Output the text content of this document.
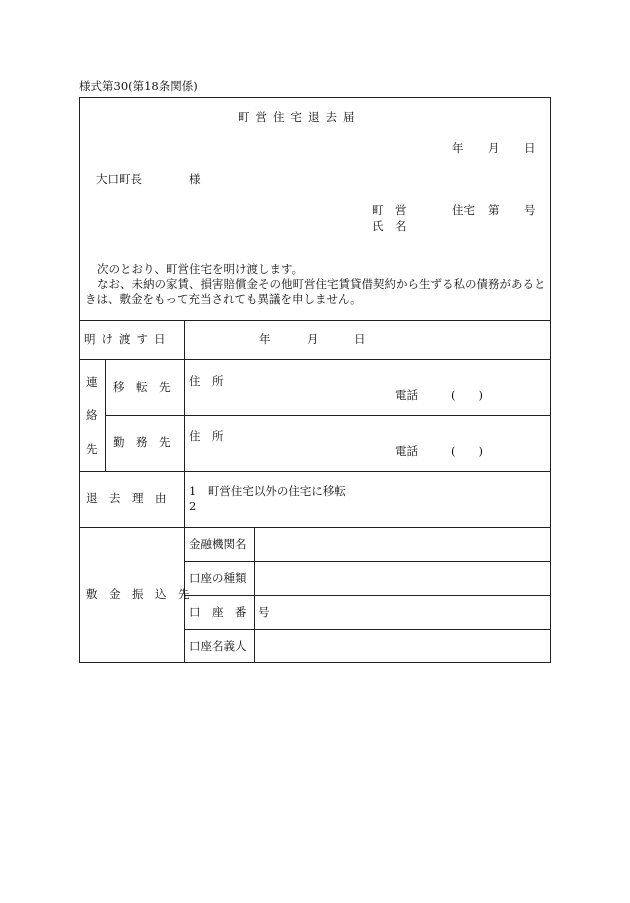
様式第30(第18条関係)
町営住宅退去届
年 月 日
大口町長	様
町　営	住宅 第 号
氏　名
次のとおり、町営住宅を明け渡します。
なお、未納の家賃、損害賠償金その他町営住宅賃貸借契約から生ずる私の債務があるときは、敷金をもって充当されても異議を申しません。
明け渡す日	年	月	日
連
絡
先
移　転　先 住　所
電話	(　　)
勤　務　先 住　所
電話	(　　)
退　去　理　由 1　町営住宅以外の住宅に移転
2
敷　金　振　込　先
金融機関名
口座の種類
口　座　番　号
口座名義人
